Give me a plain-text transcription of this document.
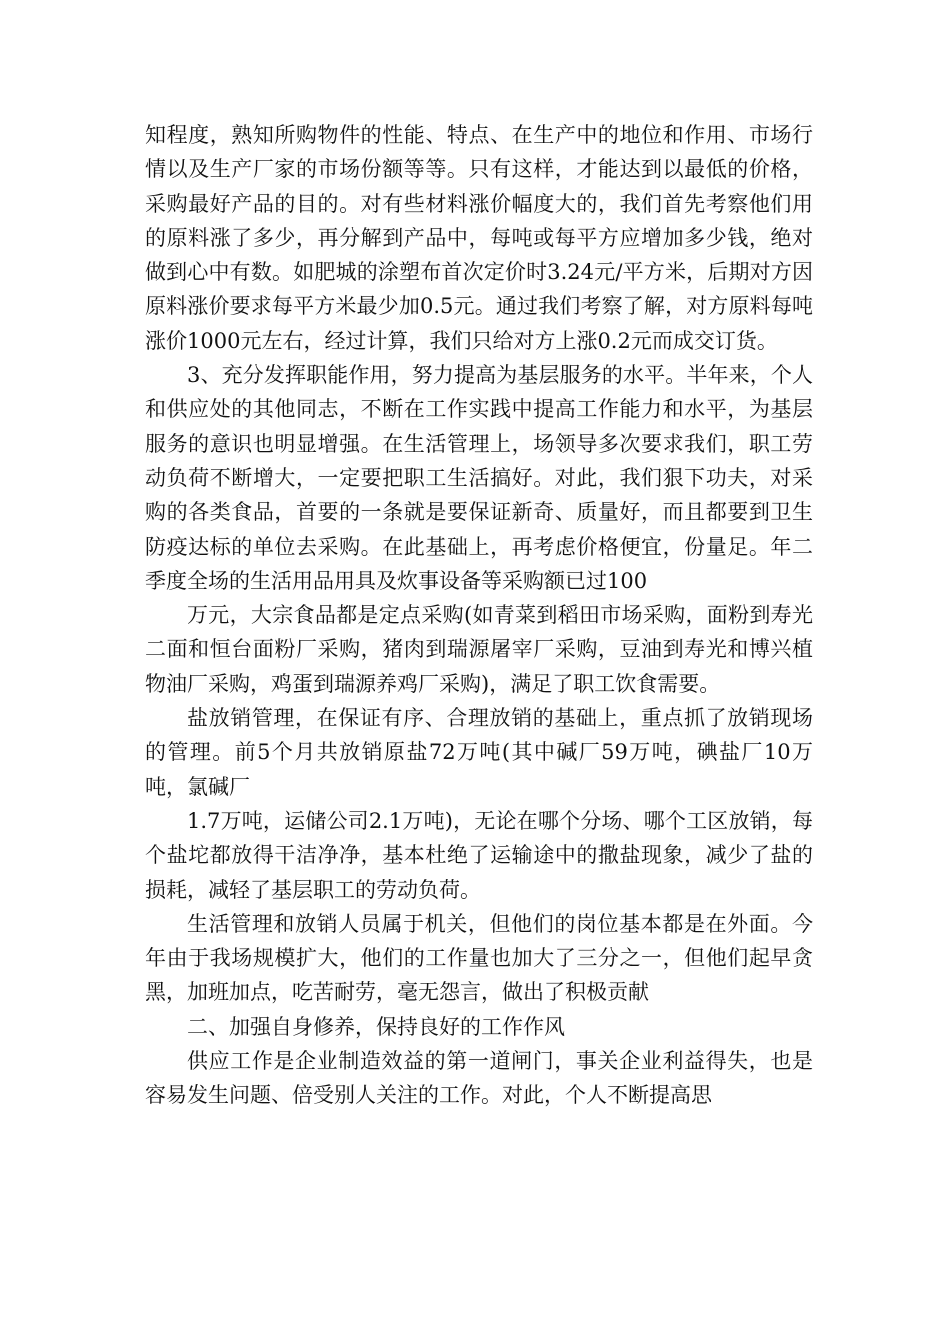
知程度，熟知所购物件的性能、特点、在生产中的地位和作用、市场行情以及生产厂家的市场份额等等。只有这样，才能达到以最低的价格，采购最好产品的目的。对有些材料涨价幅度大的，我们首先考察他们用的原料涨了多少，再分解到产品中，每吨或每平方应增加多少钱，绝对做到心中有数。如肥城的涂塑布首次定价时3.24元/平方米，后期对方因原料涨价要求每平方米最少加0.5元。通过我们考察了解，对方原料每吨涨价1000元左右，经过计算，我们只给对方上涨0.2元而成交订货。

3、充分发挥职能作用，努力提高为基层服务的水平。半年来，个人和供应处的其他同志，不断在工作实践中提高工作能力和水平，为基层服务的意识也明显增强。在生活管理上，场领导多次要求我们，职工劳动负荷不断增大，一定要把职工生活搞好。对此，我们狠下功夫，对采购的各类食品，首要的一条就是要保证新奇、质量好，而且都要到卫生防疫达标的单位去采购。在此基础上，再考虑价格便宜，份量足。年二季度全场的生活用品用具及炊事设备等采购额已过100

万元，大宗食品都是定点采购(如青菜到稻田市场采购，面粉到寿光二面和恒台面粉厂采购，猪肉到瑞源屠宰厂采购，豆油到寿光和博兴植物油厂采购，鸡蛋到瑞源养鸡厂采购)，满足了职工饮食需要。

盐放销管理，在保证有序、合理放销的基础上，重点抓了放销现场的管理。前5个月共放销原盐72万吨(其中碱厂59万吨，碘盐厂10万吨，氯碱厂

1.7万吨，运储公司2.1万吨)，无论在哪个分场、哪个工区放销，每个盐坨都放得干洁净净，基本杜绝了运输途中的撒盐现象，减少了盐的损耗，减轻了基层职工的劳动负荷。

生活管理和放销人员属于机关，但他们的岗位基本都是在外面。今年由于我场规模扩大，他们的工作量也加大了三分之一，但他们起早贪黑，加班加点，吃苦耐劳，毫无怨言，做出了积极贡献

二、加强自身修养，保持良好的工作作风

供应工作是企业制造效益的第一道闸门，事关企业利益得失，也是容易发生问题、倍受别人关注的工作。对此，个人不断提高思
